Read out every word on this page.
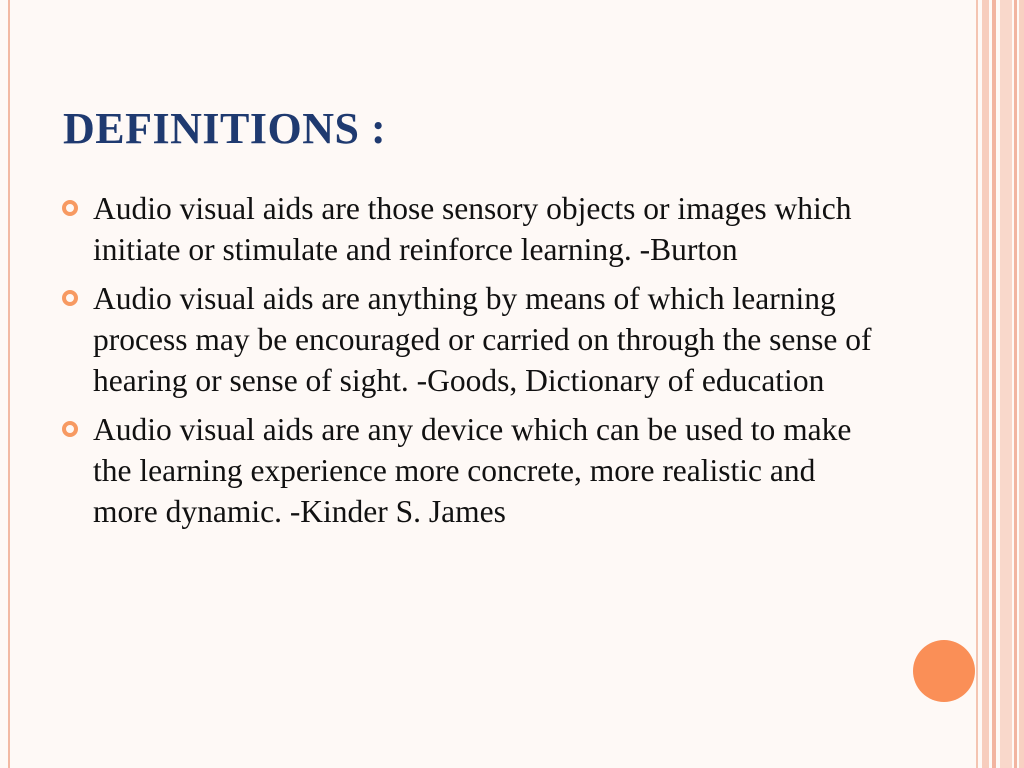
DEFINITIONS :
Audio visual aids are those sensory objects or images which initiate or stimulate and reinforce learning. -Burton
Audio visual aids are anything by means of which learning process may be encouraged or carried on through the sense of hearing or sense of sight. -Goods, Dictionary of education
Audio visual aids are any device which can be used to make the learning experience more concrete, more realistic and more dynamic. -Kinder S. James
